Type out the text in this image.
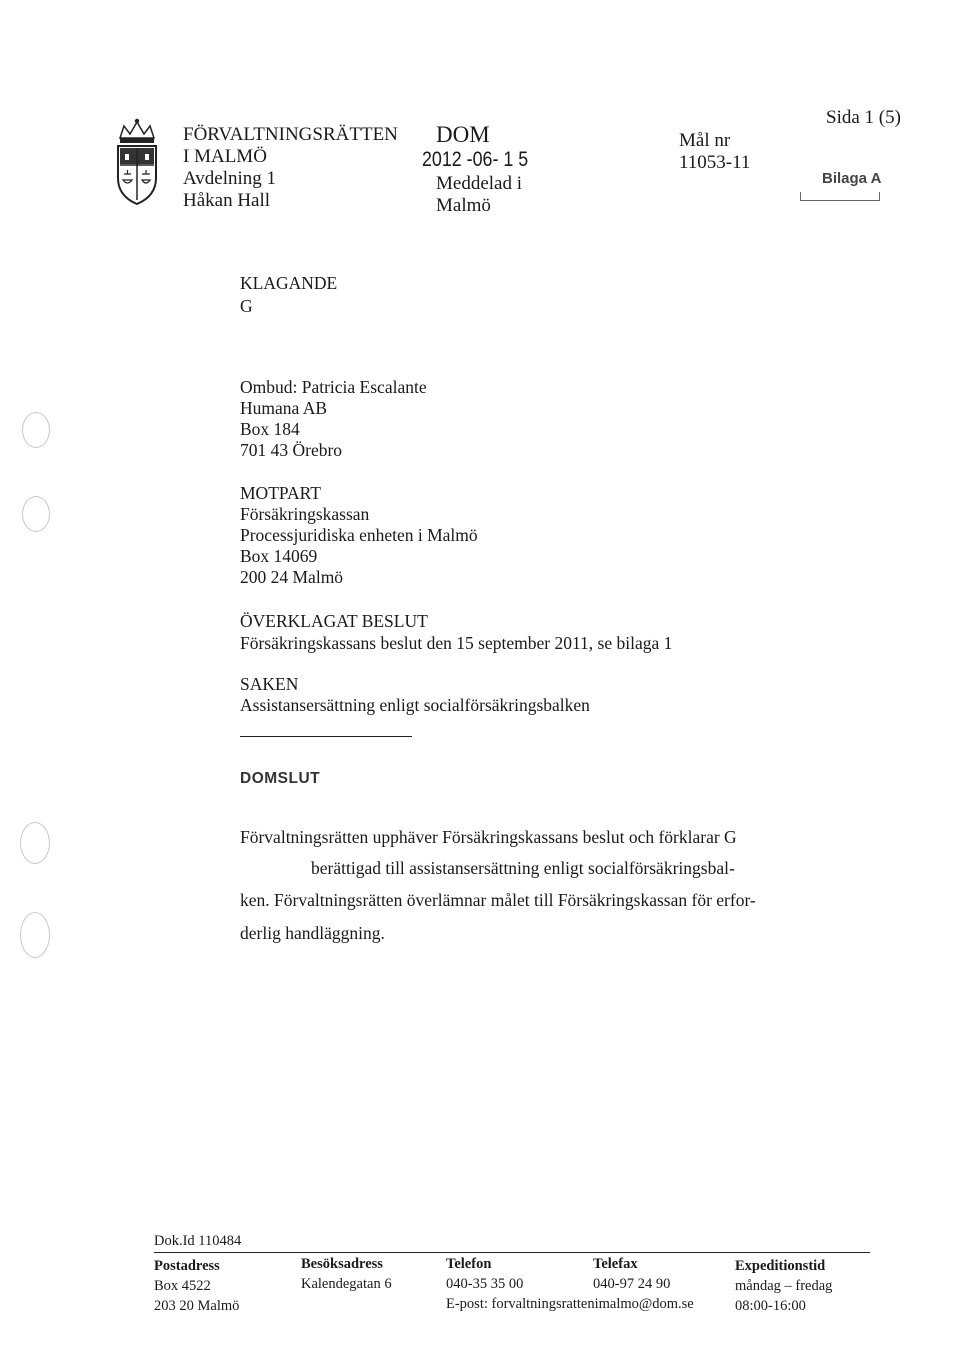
FÖRVALTNINGSRÄTTEN
I MALMÖ
Avdelning 1
Håkan Hall
DOM
2012 -06- 1 5
Meddelad i
Malmö
Mål nr
11053-11
Sida 1 (5)
Bilaga A
KLAGANDE
G
Ombud: Patricia Escalante
Humana AB
Box 184
701 43 Örebro
MOTPART
Försäkringskassan
Processjuridiska enheten i Malmö
Box 14069
200 24 Malmö
ÖVERKLAGAT BESLUT
Försäkringskassans beslut den 15 september 2011, se bilaga 1
SAKEN
Assistansersättning enligt socialförsäkringsbalken
DOMSLUT
Förvaltningsrätten upphäver Försäkringskassans beslut och förklarar G
berättigad till assistansersättning enligt socialförsäkringsbal-
ken. Förvaltningsrätten överlämnar målet till Försäkringskassan för erfor-
derlig handläggning.
Dok.Id 110484
Postadress
Box 4522
203 20 Malmö
Besöksadress
Kalendegatan 6
Telefon
040-35 35 00
E-post: forvaltningsrattenimalmo@dom.se
Telefax
040-97 24 90
Expeditionstid
måndag – fredag
08:00-16:00
